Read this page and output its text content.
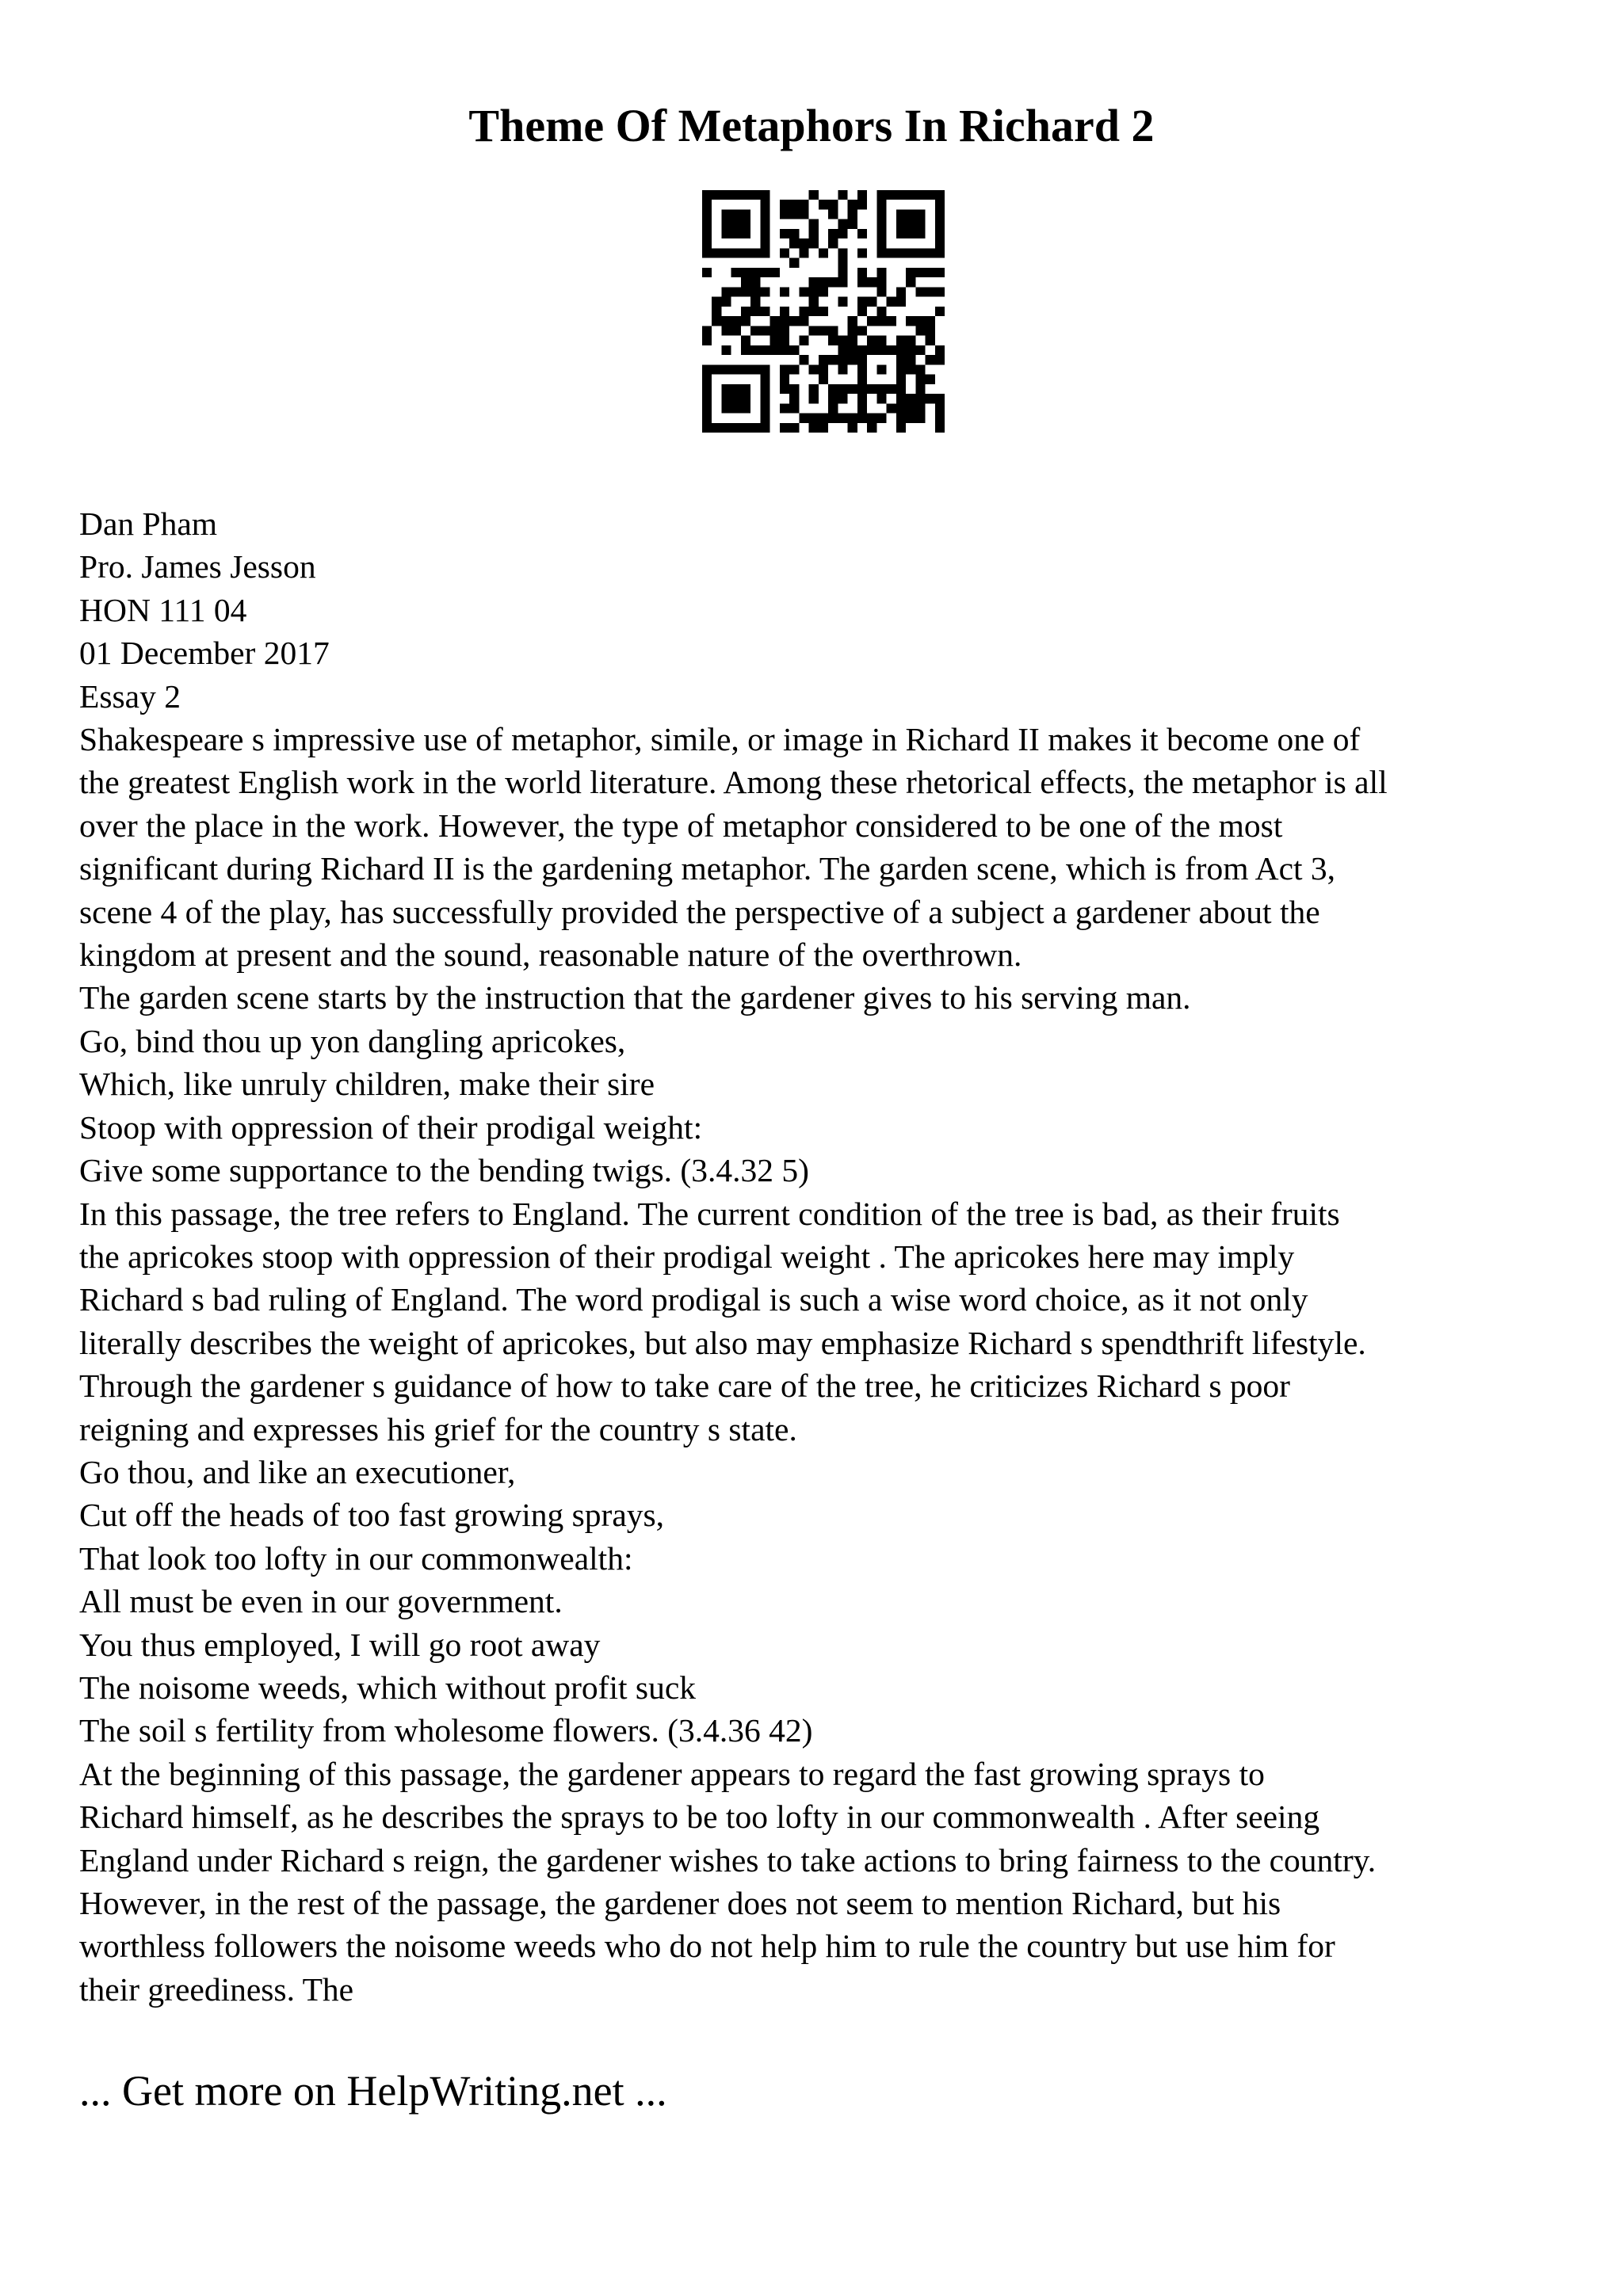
Theme Of Metaphors In Richard 2
Dan Pham
Pro. James Jesson
HON 111 04
01 December 2017
Essay 2
Shakespeare s impressive use of metaphor, simile, or image in Richard II makes it become one of
the greatest English work in the world literature. Among these rhetorical effects, the metaphor is all
over the place in the work. However, the type of metaphor considered to be one of the most
significant during Richard II is the gardening metaphor. The garden scene, which is from Act 3,
scene 4 of the play, has successfully provided the perspective of a subject a gardener about the
kingdom at present and the sound, reasonable nature of the overthrown.
The garden scene starts by the instruction that the gardener gives to his serving man.
Go, bind thou up yon dangling apricokes,
Which, like unruly children, make their sire
Stoop with oppression of their prodigal weight:
Give some supportance to the bending twigs. (3.4.32 5)
In this passage, the tree refers to England. The current condition of the tree is bad, as their fruits
the apricokes stoop with oppression of their prodigal weight . The apricokes here may imply
Richard s bad ruling of England. The word prodigal is such a wise word choice, as it not only
literally describes the weight of apricokes, but also may emphasize Richard s spendthrift lifestyle.
Through the gardener s guidance of how to take care of the tree, he criticizes Richard s poor
reigning and expresses his grief for the country s state.
Go thou, and like an executioner,
Cut off the heads of too fast growing sprays,
That look too lofty in our commonwealth:
All must be even in our government.
You thus employed, I will go root away
The noisome weeds, which without profit suck
The soil s fertility from wholesome flowers. (3.4.36 42)
At the beginning of this passage, the gardener appears to regard the fast growing sprays to
Richard himself, as he describes the sprays to be too lofty in our commonwealth . After seeing
England under Richard s reign, the gardener wishes to take actions to bring fairness to the country.
However, in the rest of the passage, the gardener does not seem to mention Richard, but his
worthless followers the noisome weeds who do not help him to rule the country but use him for
their greediness. The
... Get more on HelpWriting.net ...
